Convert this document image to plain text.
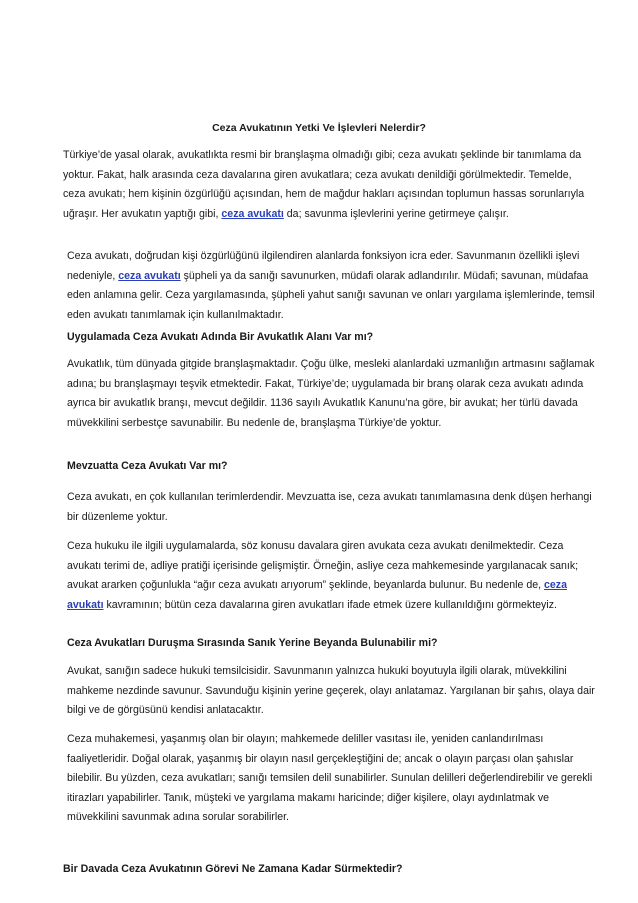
Ceza Avukatının Yetki Ve İşlevleri Nelerdir?

Türkiye’de yasal olarak, avukatlıkta resmi bir branşlaşma olmadığı gibi; ceza avukatı şeklinde bir tanımlama da yoktur. Fakat, halk arasında ceza davalarına giren avukatlara; ceza avukatı denildiği görülmektedir. Temelde, ceza avukatı; hem kişinin özgürlüğü açısından, hem de mağdur hakları açısından toplumun hassas sorunlarıyla uğraşır. Her avukatın yaptığı gibi, ceza avukatı da; savunma işlevlerini yerine getirmeye çalışır.

Ceza avukatı, doğrudan kişi özgürlüğünü ilgilendiren alanlarda fonksiyon icra eder. Savunmanın özellikli işlevi nedeniyle, ceza avukatı şüpheli ya da sanığı savunurken, müdafi olarak adlandırılır. Müdafi; savunan, müdafaa eden anlamına gelir. Ceza yargılamasında, şüpheli yahut sanığı savunan ve onları yargılama işlemlerinde, temsil eden avukatı tanımlamak için kullanılmaktadır.

Uygulamada Ceza Avukatı Adında Bir Avukatlık Alanı Var mı?

Avukatlık, tüm dünyada gitgide branşlaşmaktadır. Çoğu ülke, mesleki alanlardaki uzmanlığın artmasını sağlamak adına; bu branşlaşmayı teşvik etmektedir. Fakat, Türkiye’de; uygulamada bir branş olarak ceza avukatı adında ayrıca bir avukatlık branşı, mevcut değildir. 1136 sayılı Avukatlık Kanunu’na göre, bir avukat; her türlü davada müvekkilini serbestçe savunabilir. Bu nedenle de, branşlaşma Türkiye’de yoktur.

Mevzuatta Ceza Avukatı Var mı?

Ceza avukatı, en çok kullanılan terimlerdendir. Mevzuatta ise, ceza avukatı tanımlamasına denk düşen herhangi bir düzenleme yoktur.

Ceza hukuku ile ilgili uygulamalarda, söz konusu davalara giren avukata ceza avukatı denilmektedir. Ceza avukatı terimi de, adliye pratiği içerisinde gelişmiştir. Örneğin, asliye ceza mahkemesinde yargılanacak sanık; avukat ararken çoğunlukla “ağır ceza avukatı arıyorum” şeklinde, beyanlarda bulunur. Bu nedenle de, ceza avukatı kavramının; bütün ceza davalarına giren avukatları ifade etmek üzere kullanıldığını görmekteyiz.

Ceza Avukatları Duruşma Sırasında Sanık Yerine Beyanda Bulunabilir mi?

Avukat, sanığın sadece hukuki temsilcisidir. Savunmanın yalnızca hukuki boyutuyla ilgili olarak, müvekkilini mahkeme nezdinde savunur. Savunduğu kişinin yerine geçerek, olayı anlatamaz. Yargılanan bir şahıs, olaya dair bilgi ve de görgüsünü kendisi anlatacaktır.

Ceza muhakemesi, yaşanmış olan bir olayın; mahkemede deliller vasıtası ile, yeniden canlandırılması faaliyetleridir. Doğal olarak, yaşanmış bir olayın nasıl gerçekleştiğini de; ancak o olayın parçası olan şahıslar bilebilir. Bu yüzden, ceza avukatları; sanığı temsilen delil sunabilirler. Sunulan delilleri değerlendirebilir ve gerekli itirazları yapabilirler. Tanık, müşteki ve yargılama makamı haricinde; diğer kişilere, olayı aydınlatmak ve müvekkilini savunmak adına sorular sorabilirler.

Bir Davada Ceza Avukatının Görevi Ne Zamana Kadar Sürmektedir?
